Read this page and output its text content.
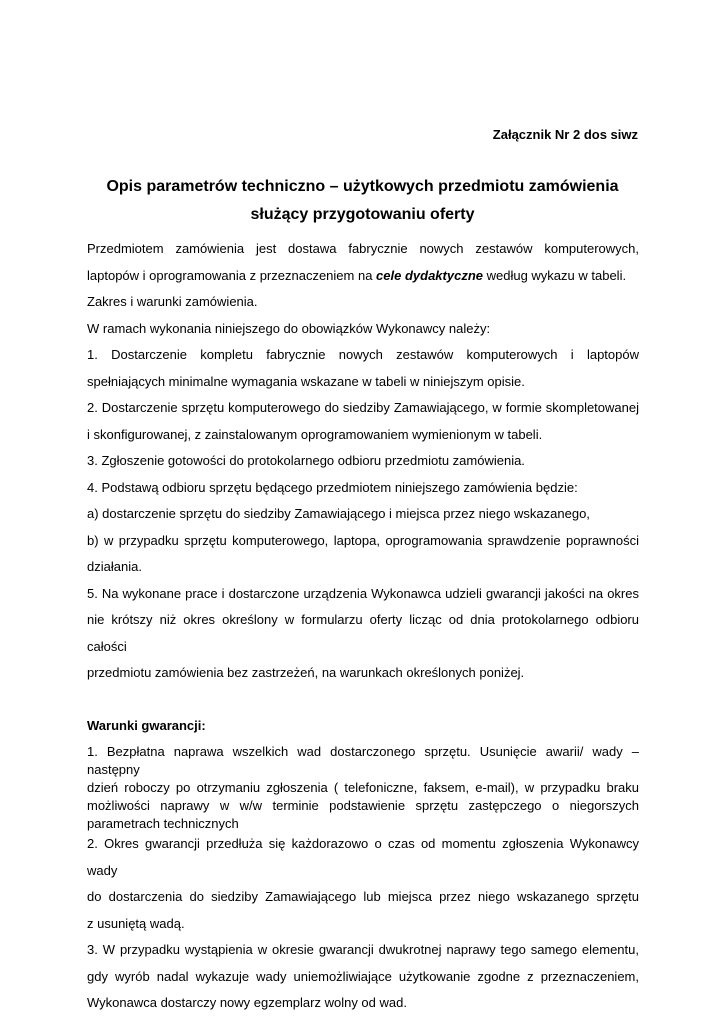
Załącznik Nr 2 dos siwz
Opis parametrów techniczno – użytkowych przedmiotu zamówienia
służący przygotowaniu oferty

Przedmiotem zamówienia jest dostawa fabrycznie nowych zestawów komputerowych,
laptopów i oprogramowania z przeznaczeniem na cele dydaktyczne według wykazu w tabeli.

Zakres i warunki zamówienia.

W ramach wykonania niniejszego do obowiązków Wykonawcy należy:

1. Dostarczenie kompletu fabrycznie nowych zestawów komputerowych i laptopów
spełniających minimalne wymagania wskazane w tabeli w niniejszym opisie.

2. Dostarczenie sprzętu komputerowego do siedziby Zamawiającego, w formie skompletowanej
i skonfigurowanej, z zainstalowanym oprogramowaniem wymienionym w tabeli.

3. Zgłoszenie gotowości do protokolarnego odbioru przedmiotu zamówienia.

4. Podstawą odbioru sprzętu będącego przedmiotem niniejszego zamówienia będzie:

a) dostarczenie sprzętu do siedziby Zamawiającego i miejsca przez niego wskazanego,

b) w przypadku sprzętu komputerowego, laptopa, oprogramowania sprawdzenie poprawności
działania.

5. Na wykonane prace i dostarczone urządzenia Wykonawca udzieli gwarancji jakości na okres
nie krótszy niż okres określony w formularzu oferty licząc od dnia protokolarnego odbioru całości
przedmiotu zamówienia bez zastrzeżeń, na warunkach określonych poniżej.

Warunki gwarancji:

1. Bezpłatna naprawa wszelkich wad dostarczonego sprzętu. Usunięcie awarii/ wady – następny
dzień roboczy po otrzymaniu zgłoszenia ( telefoniczne, faksem, e-mail), w przypadku braku
możliwości naprawy w w/w terminie podstawienie sprzętu zastępczego o niegorszych
parametrach technicznych

2. Okres gwarancji przedłuża się każdorazowo o czas od momentu zgłoszenia Wykonawcy wady
do dostarczenia do siedziby Zamawiającego lub miejsca przez niego wskazanego sprzętu
z usuniętą wadą.

3. W przypadku wystąpienia w okresie gwarancji dwukrotnej naprawy tego samego elementu,
gdy wyrób nadal wykazuje wady uniemożliwiające użytkowanie zgodne z przeznaczeniem,
Wykonawca dostarczy nowy egzemplarz wolny od wad.
